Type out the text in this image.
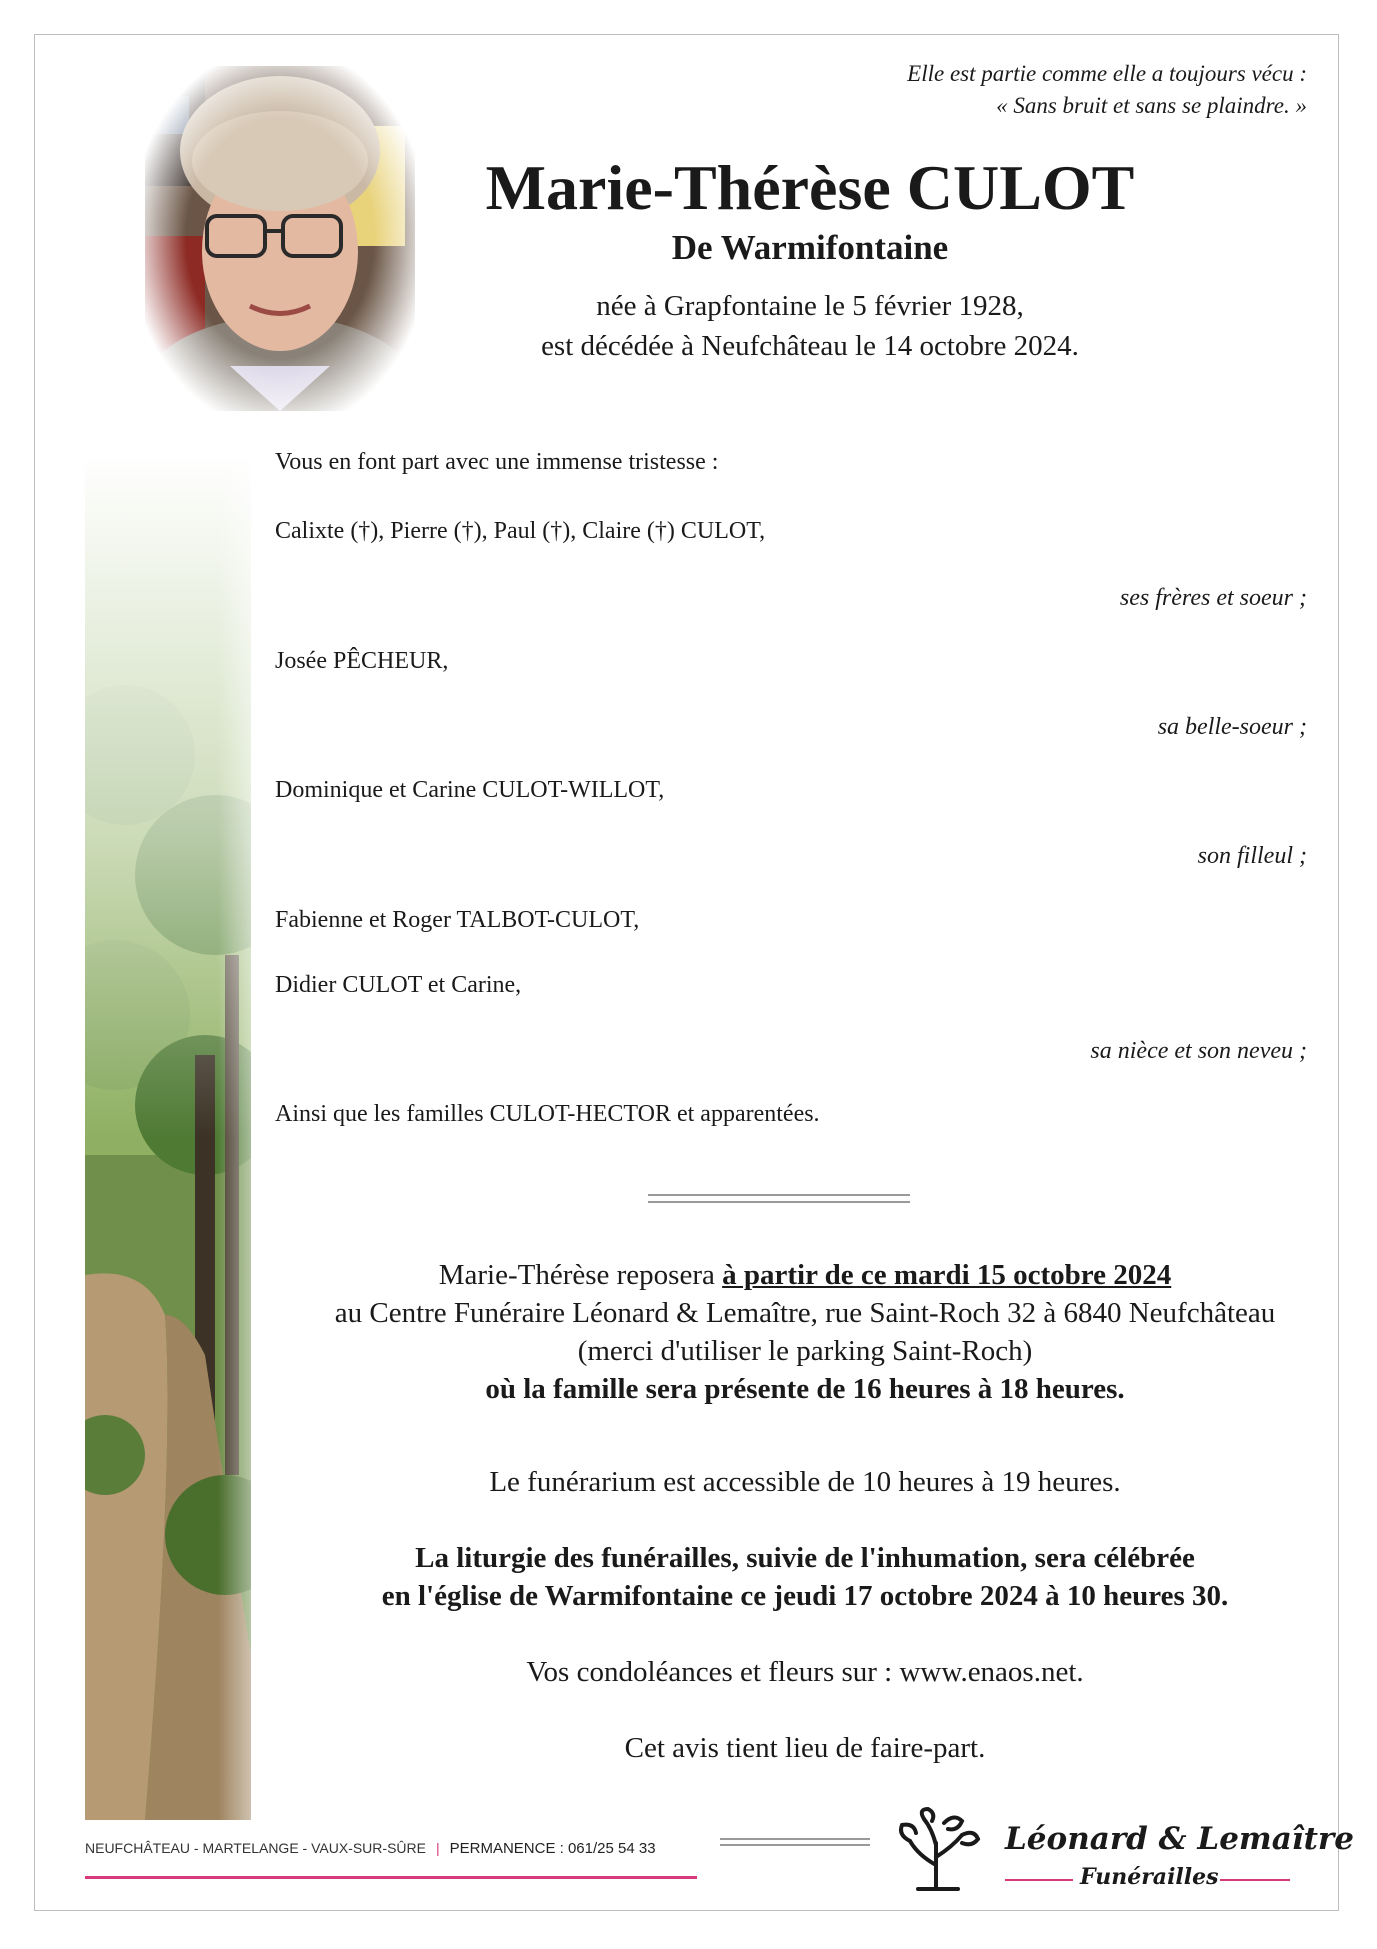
Elle est partie comme elle a toujours vécu :
« Sans bruit et sans se plaindre. »
Marie-Thérèse CULOT
De Warmifontaine
née à Grapfontaine le 5 février 1928,
est décédée à Neufchâteau le 14 octobre 2024.
Vous en font part avec une immense tristesse :
Calixte (†), Pierre (†), Paul (†), Claire (†) CULOT,
ses frères et soeur ;
Josée PÊCHEUR,
sa belle-soeur ;
Dominique et Carine CULOT-WILLOT,
son filleul ;
Fabienne et Roger TALBOT-CULOT,
Didier CULOT et Carine,
sa nièce et son neveu ;
Ainsi que les familles CULOT-HECTOR et apparentées.

Marie-Thérèse reposera à partir de ce mardi 15 octobre 2024

au Centre Funéraire Léonard & Lemaître, rue Saint-Roch 32 à 6840 Neufchâteau

(merci d'utiliser le parking Saint-Roch)

où la famille sera présente de 16 heures à 18 heures.

Le funérarium est accessible de 10 heures à 19 heures.

La liturgie des funérailles, suivie de l'inhumation, sera célébrée

en l'église de Warmifontaine ce jeudi 17 octobre 2024 à 10 heures 30.

Vos condoléances et fleurs sur : www.enaos.net.
Cet avis tient lieu de faire-part.
NEUFCHÂTEAU - MARTELANGE - VAUX-SUR-SÛRE | PERMANENCE : 061/25 54 33	Léonard & Lemaître
Funérailles
